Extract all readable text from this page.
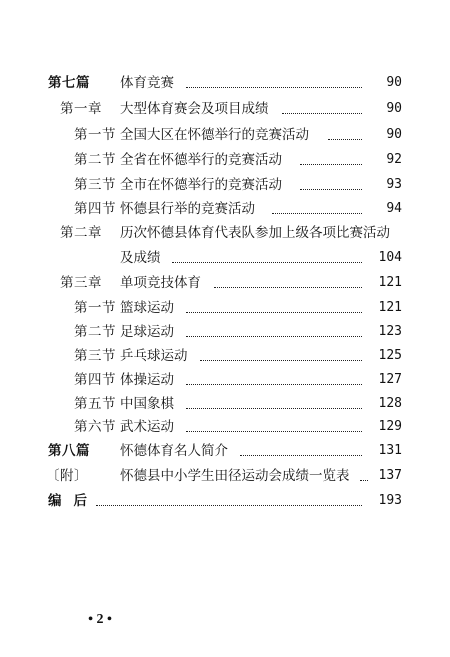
第七篇 体育竞赛	90
第一章 大型体育赛会及项目成绩	90
第一节 全国大区在怀德举行的竞赛活动	90
第二节 全省在怀德举行的竞赛活动	92
第三节 全市在怀德举行的竞赛活动	93
第四节 怀德县行举的竞赛活动	94
第二章 历次怀德县体育代表队参加上级各项比赛活动
及成绩	104
第三章 单项竞技体育	121
第一节 篮球运动	121
第二节 足球运动	123
第三节 乒乓球运动	125
第四节 体操运动	127
第五节 中国象棋	128
第六节 武术运动	129
第八篇 怀德体育名人简介	131
〔附〕 怀德县中小学生田径运动会成绩一览表	137
编后	193
• 2 •
